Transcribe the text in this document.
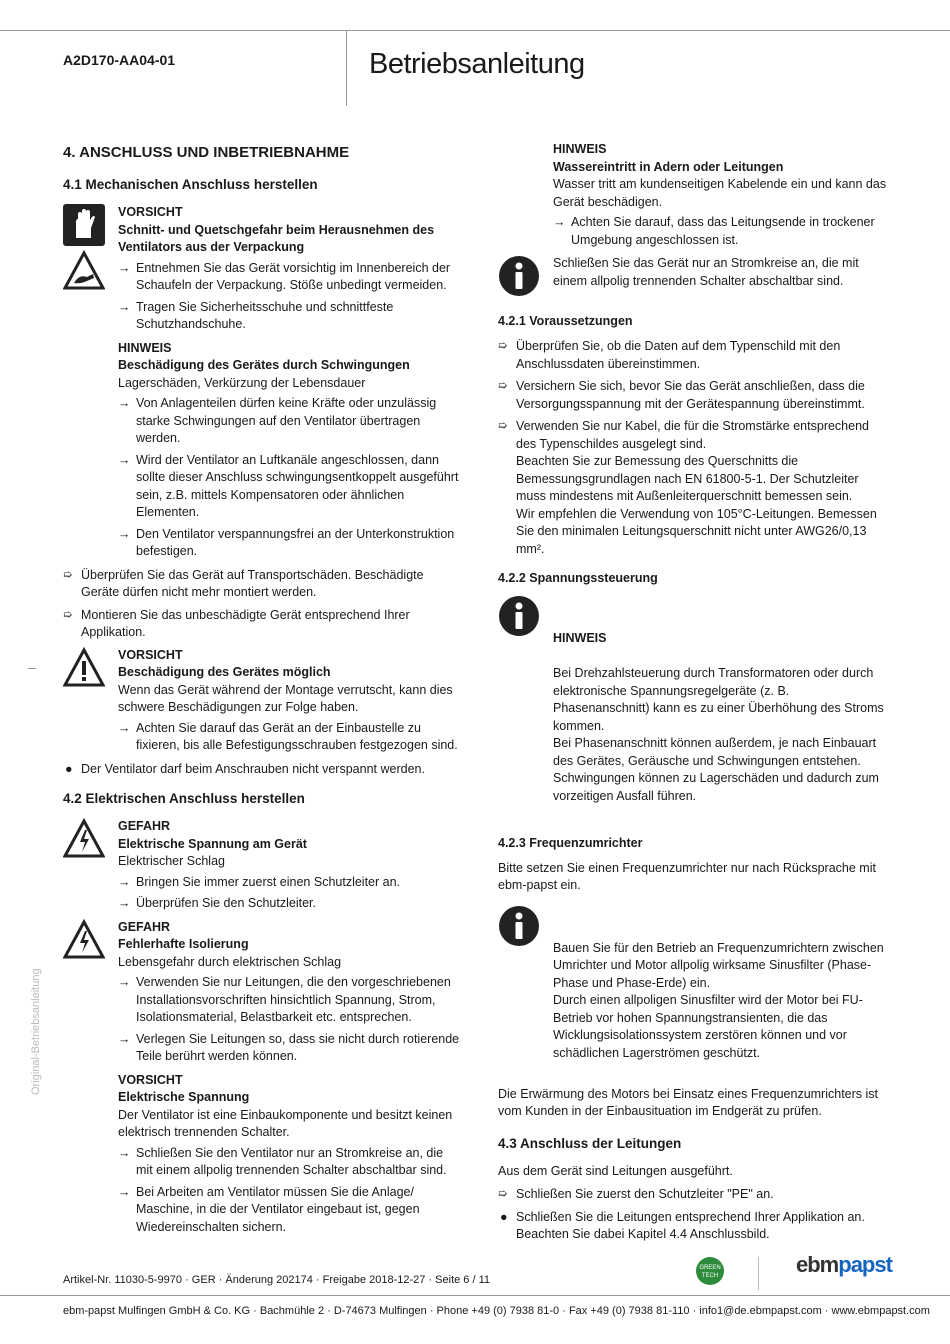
A2D170-AA04-01	Betriebsanleitung
Original-Betriebsanleitung
4. ANSCHLUSS UND INBETRIEBNAHME
4.1 Mechanischen Anschluss herstellen
VORSICHT
Schnitt- und Quetschgefahr beim Herausnehmen des Ventilators aus der Verpackung
→ Entnehmen Sie das Gerät vorsichtig im Innenbereich der Schaufeln der Verpackung. Stöße unbedingt vermeiden.
→ Tragen Sie Sicherheitsschuhe und schnittfeste Schutzhandschuhe.
HINWEIS
Beschädigung des Gerätes durch Schwingungen
Lagerschäden, Verkürzung der Lebensdauer
→ Von Anlagenteilen dürfen keine Kräfte oder unzulässig starke Schwingungen auf den Ventilator übertragen werden.
→ Wird der Ventilator an Luftkanäle angeschlossen, dann sollte dieser Anschluss schwingungsentkoppelt ausgeführt sein, z.B. mittels Kompensatoren oder ähnlichen Elementen.
→ Den Ventilator verspannungsfrei an der Unterkonstruktion befestigen.
➯ Überprüfen Sie das Gerät auf Transportschäden. Beschädigte Geräte dürfen nicht mehr montiert werden.
➯ Montieren Sie das unbeschädigte Gerät entsprechend Ihrer Applikation.
VORSICHT
Beschädigung des Gerätes möglich
Wenn das Gerät während der Montage verrutscht, kann dies schwere Beschädigungen zur Folge haben.
→ Achten Sie darauf das Gerät an der Einbaustelle zu fixieren, bis alle Befestigungsschrauben festgezogen sind.
● Der Ventilator darf beim Anschrauben nicht verspannt werden.
4.2 Elektrischen Anschluss herstellen
GEFAHR
Elektrische Spannung am Gerät
Elektrischer Schlag
→ Bringen Sie immer zuerst einen Schutzleiter an.
→ Überprüfen Sie den Schutzleiter.
GEFAHR
Fehlerhafte Isolierung
Lebensgefahr durch elektrischen Schlag
→ Verwenden Sie nur Leitungen, die den vorgeschriebenen Installationsvorschriften hinsichtlich Spannung, Strom, Isolationsmaterial, Belastbarkeit etc. entsprechen.
→ Verlegen Sie Leitungen so, dass sie nicht durch rotierende Teile berührt werden können.
VORSICHT
Elektrische Spannung
Der Ventilator ist eine Einbaukomponente und besitzt keinen elektrisch trennenden Schalter.
→ Schließen Sie den Ventilator nur an Stromkreise an, die mit einem allpolig trennenden Schalter abschaltbar sind.
→ Bei Arbeiten am Ventilator müssen Sie die Anlage/ Maschine, in die der Ventilator eingebaut ist, gegen Wiedereinschalten sichern.
HINWEIS
Wassereintritt in Adern oder Leitungen
Wasser tritt am kundenseitigen Kabelende ein und kann das Gerät beschädigen.
→ Achten Sie darauf, dass das Leitungsende in trockener Umgebung angeschlossen ist.
Schließen Sie das Gerät nur an Stromkreise an, die mit einem allpolig trennenden Schalter abschaltbar sind.
4.2.1 Voraussetzungen
➯ Überprüfen Sie, ob die Daten auf dem Typenschild mit den Anschlussdaten übereinstimmen.
➯ Versichern Sie sich, bevor Sie das Gerät anschließen, dass die Versorgungsspannung mit der Gerätespannung übereinstimmt.
➯ Verwenden Sie nur Kabel, die für die Stromstärke entsprechend des Typenschildes ausgelegt sind.
Beachten Sie zur Bemessung des Querschnitts die Bemessungsgrundlagen nach EN 61800-5-1. Der Schutzleiter muss mindestens mit Außenleiterquerschnitt bemessen sein.
Wir empfehlen die Verwendung von 105°C-Leitungen. Bemessen Sie den minimalen Leitungsquerschnitt nicht unter AWG26/0,13 mm².
4.2.2 Spannungssteuerung

HINWEIS

Bei Drehzahlsteuerung durch Transformatoren oder durch elektronische Spannungsregelgeräte (z. B. Phasenanschnitt) kann es zu einer Überhöhung des Stroms kommen.
Bei Phasenanschnitt können außerdem, je nach Einbauart des Gerätes, Geräusche und Schwingungen entstehen. Schwingungen können zu Lagerschäden und dadurch zum vorzeitigen Ausfall führen.

4.2.3 Frequenzumrichter
Bitte setzen Sie einen Frequenzumrichter nur nach Rücksprache mit ebm-papst ein.

Bauen Sie für den Betrieb an Frequenzumrichtern zwischen Umrichter und Motor allpolig wirksame Sinusfilter (Phase-Phase und Phase-Erde) ein.
Durch einen allpoligen Sinusfilter wird der Motor bei FU-Betrieb vor hohen Spannungstransienten, die das Wicklungsisolationssystem zerstören können und vor schädlichen Lagerströmen geschützt.

Die Erwärmung des Motors bei Einsatz eines Frequenzumrichters ist vom Kunden in der Einbausituation im Endgerät zu prüfen.
4.3 Anschluss der Leitungen
Aus dem Gerät sind Leitungen ausgeführt.
➯ Schließen Sie zuerst den Schutzleiter "PE" an.
● Schließen Sie die Leitungen entsprechend Ihrer Applikation an. Beachten Sie dabei Kapitel 4.4 Anschlussbild.
Artikel-Nr. 11030-5-9970 · GER · Änderung 202174 · Freigabe 2018-12-27 · Seite 6 / 11
GREEN TECH	ebmpapst
ebm-papst Mulfingen GmbH & Co. KG · Bachmühle 2 · D-74673 Mulfingen · Phone +49 (0) 7938 81-0 · Fax +49 (0) 7938 81-110 · info1@de.ebmpapst.com · www.ebmpapst.com
